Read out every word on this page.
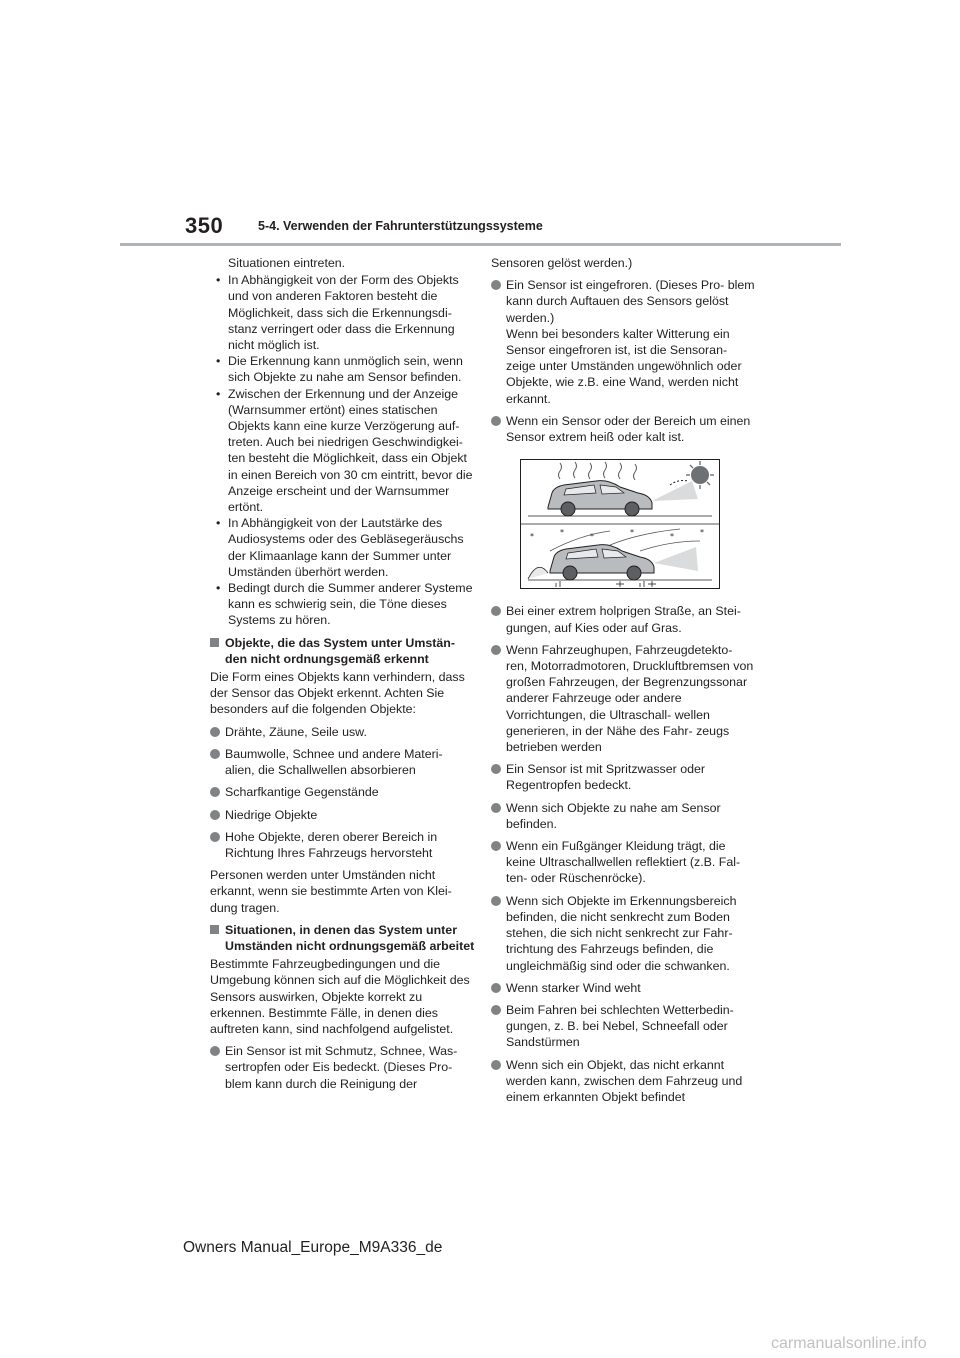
350	5-4. Verwenden der Fahrunterstützungssysteme
Situationen eintreten.
• In Abhängigkeit von der Form des Objekts und von anderen Faktoren besteht die Möglichkeit, dass sich die Erkennungsdi- stanz verringert oder dass die Erkennung nicht möglich ist.
• Die Erkennung kann unmöglich sein, wenn sich Objekte zu nahe am Sensor befinden.
• Zwischen der Erkennung und der Anzeige (Warnsummer ertönt) eines statischen Objekts kann eine kurze Verzögerung auf- treten. Auch bei niedrigen Geschwindigkei- ten besteht die Möglichkeit, dass ein Objekt in einen Bereich von 30 cm eintritt, bevor die Anzeige erscheint und der Warnsummer ertönt.
• In Abhängigkeit von der Lautstärke des Audiosystems oder des Gebläsegeräuschs der Klimaanlage kann der Summer unter Umständen überhört werden.
• Bedingt durch die Summer anderer Systeme kann es schwierig sein, die Töne dieses Systems zu hören.
Objekte, die das System unter Umstän- den nicht ordnungsgemäß erkennt
Die Form eines Objekts kann verhindern, dass der Sensor das Objekt erkennt. Achten Sie besonders auf die folgenden Objekte:
Drähte, Zäune, Seile usw.
Baumwolle, Schnee und andere Materi- alien, die Schallwellen absorbieren
Scharfkantige Gegenstände
Niedrige Objekte
Hohe Objekte, deren oberer Bereich in Richtung Ihres Fahrzeugs hervorsteht
Personen werden unter Umständen nicht erkannt, wenn sie bestimmte Arten von Klei- dung tragen.
Situationen, in denen das System unter Umständen nicht ordnungsgemäß arbeitet
Bestimmte Fahrzeugbedingungen und die Umgebung können sich auf die Möglichkeit des Sensors auswirken, Objekte korrekt zu erkennen. Bestimmte Fälle, in denen dies auftreten kann, sind nachfolgend aufgelistet.
Ein Sensor ist mit Schmutz, Schnee, Was- sertropfen oder Eis bedeckt. (Dieses Pro- blem kann durch die Reinigung der
Sensoren gelöst werden.)
Ein Sensor ist eingefroren. (Dieses Pro- blem kann durch Auftauen des Sensors gelöst werden.)
Wenn bei besonders kalter Witterung ein Sensor eingefroren ist, ist die Sensoran- zeige unter Umständen ungewöhnlich oder Objekte, wie z.B. eine Wand, werden nicht erkannt.
Wenn ein Sensor oder der Bereich um einen Sensor extrem heiß oder kalt ist.
*	*	*	*	*	*
Bei einer extrem holprigen Straße, an Stei- gungen, auf Kies oder auf Gras.
Wenn Fahrzeughupen, Fahrzeugdetekto- ren, Motorradmotoren, Druckluftbremsen von großen Fahrzeugen, der Begrenzungssonar anderer Fahrzeuge oder andere Vorrichtungen, die Ultraschall- wellen generieren, in der Nähe des Fahr- zeugs betrieben werden
Ein Sensor ist mit Spritzwasser oder Regentropfen bedeckt.
Wenn sich Objekte zu nahe am Sensor befinden.
Wenn ein Fußgänger Kleidung trägt, die keine Ultraschallwellen reflektiert (z.B. Fal- ten- oder Rüschenröcke).
Wenn sich Objekte im Erkennungsbereich befinden, die nicht senkrecht zum Boden stehen, die sich nicht senkrecht zur Fahr- trichtung des Fahrzeugs befinden, die ungleichmäßig sind oder die schwanken.
Wenn starker Wind weht
Beim Fahren bei schlechten Wetterbedin- gungen, z. B. bei Nebel, Schneefall oder Sandstürmen
Wenn sich ein Objekt, das nicht erkannt werden kann, zwischen dem Fahrzeug und einem erkannten Objekt befindet
Owners Manual_Europe_M9A336_de
carmanualsonline.info
